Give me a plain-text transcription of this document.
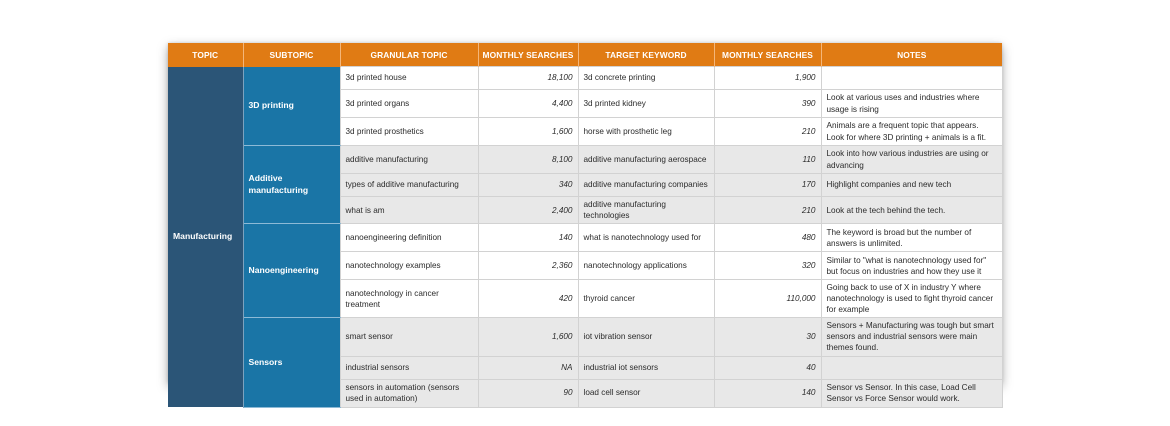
TOPIC	SUBTOPIC	GRANULAR TOPIC	MONTHLY SEARCHES	TARGET KEYWORD	MONTHLY SEARCHES	NOTES
Manufacturing	3D printing	3d printed house	18,100	3d concrete printing	1,900	
		3d printed organs	4,400	3d printed kidney	390	Look at various uses and industries where usage is rising
		3d printed prosthetics	1,600	horse with prosthetic leg	210	Animals are a frequent topic that appears. Look for where 3D printing + animals is a fit.
	Additive manufacturing	additive manufacturing	8,100	additive manufacturing aerospace	110	Look into how various industries are using or advancing
		types of additive manufacturing	340	additive manufacturing companies	170	Highlight companies and new tech
		what is am	2,400	additive manufacturing technologies	210	Look at the tech behind the tech.
	Nanoengineering	nanoengineering definition	140	what is nanotechnology used for	480	The keyword is broad but the number of answers is unlimited.
		nanotechnology examples	2,360	nanotechnology applications	320	Similar to "what is nanotechnology used for" but focus on industries and how they use it
		nanotechnology in cancer treatment	420	thyroid cancer	110,000	Going back to use of X in industry Y where nanotechnology is used to fight thyroid cancer for example
	Sensors	smart sensor	1,600	iot vibration sensor	30	Sensors + Manufacturing was tough but smart sensors and industrial sensors were main themes found.
		industrial sensors	NA	industrial iot sensors	40	
		sensors in automation (sensors used in automation)	90	load cell sensor	140	Sensor vs Sensor. In this case, Load Cell Sensor vs Force Sensor would work.
